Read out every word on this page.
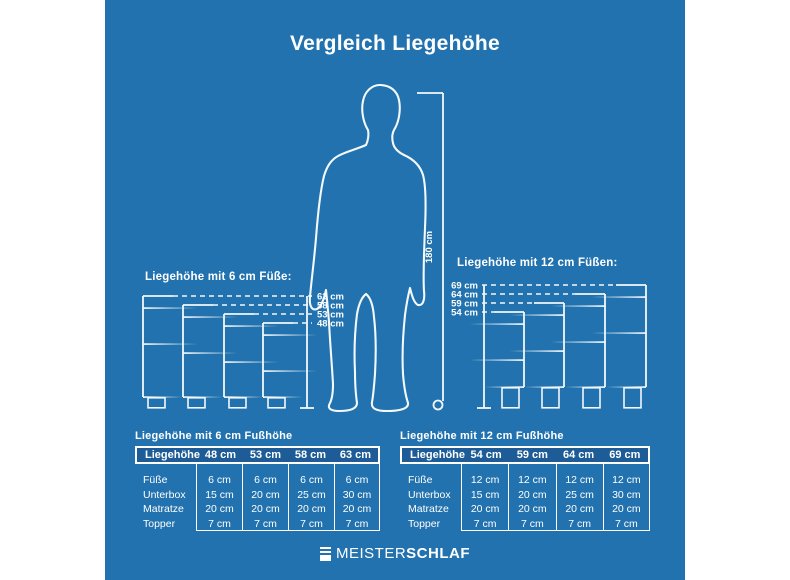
Vergleich Liegehöhe
180 cm
63 cm
58 cm
53 cm
48 cm
69 cm
64 cm
59 cm
54 cm
Liegehöhe mit 6 cm Füße:
Liegehöhe mit 12 cm Füßen:
Liegehöhe mit 6 cm Fußhöhe
Liegehöhe 48 cm	53 cm	58 cm	63 cm
Füße	6 cm	6 cm	6 cm	6 cm
Unterbox	15 cm	20 cm	25 cm	30 cm
Matratze	20 cm	20 cm	20 cm	20 cm
Topper	7 cm	7 cm	7 cm	7 cm
Liegehöhe mit 12 cm Fußhöhe
Liegehöhe 54 cm	59 cm	64 cm	69 cm
Füße	12 cm	12 cm	12 cm	12 cm
Unterbox	15 cm	20 cm	25 cm	30 cm
Matratze	20 cm	20 cm	20 cm	20 cm
Topper	7 cm	7 cm	7 cm	7 cm
MEISTERSCHLAF
